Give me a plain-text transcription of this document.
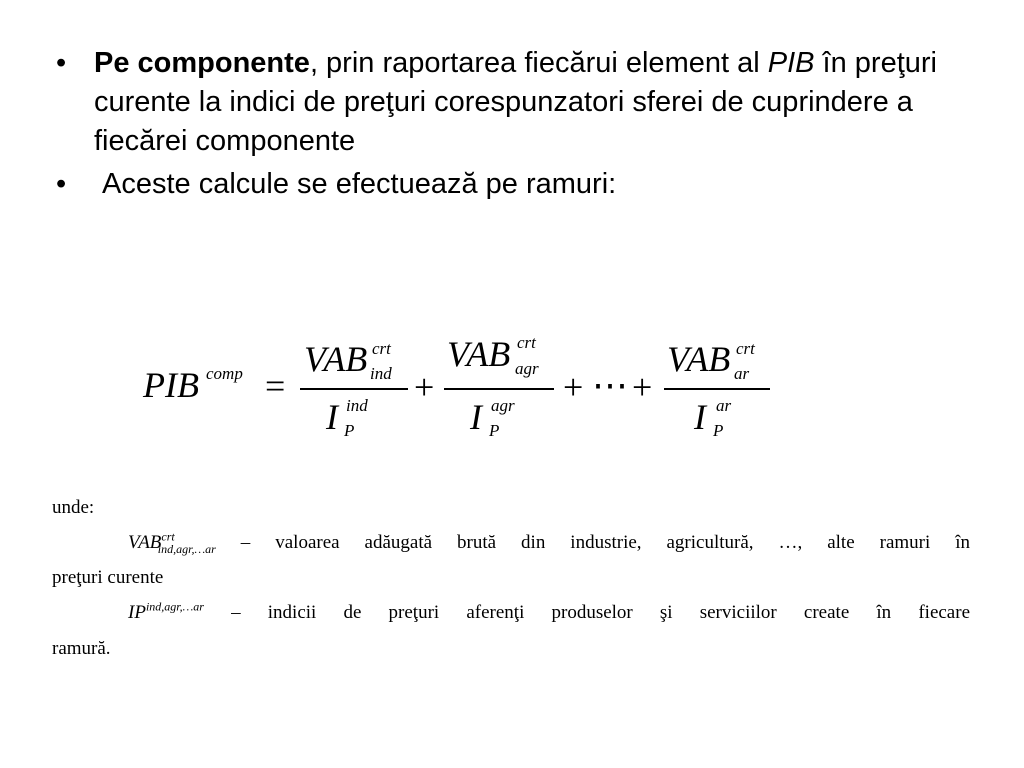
• Pe componente, prin raportarea fiecărui element al PIB în preţuri curente la indici de preţuri corespunzatori sferei de cuprindere a fiecărei componente
• Aceste calcule se efectuează pe ramuri:
PIB comp =
VAB crt
ind
I ind
P
+
VAB crt
agr
I agr
P
+ ⋯ +
VAB crt
ar
I ar
P
unde:
$VAB^{crt}_{ind,agr,\dots ar}$ – valoarea adăugată brută din industrie, agricultură, …, alte ramuri în
preţuri curente
$IP^{ind,agr,\dots ar}$ – indicii de preţuri aferenţi produselor şi serviciilor create în fiecare
ramură.
